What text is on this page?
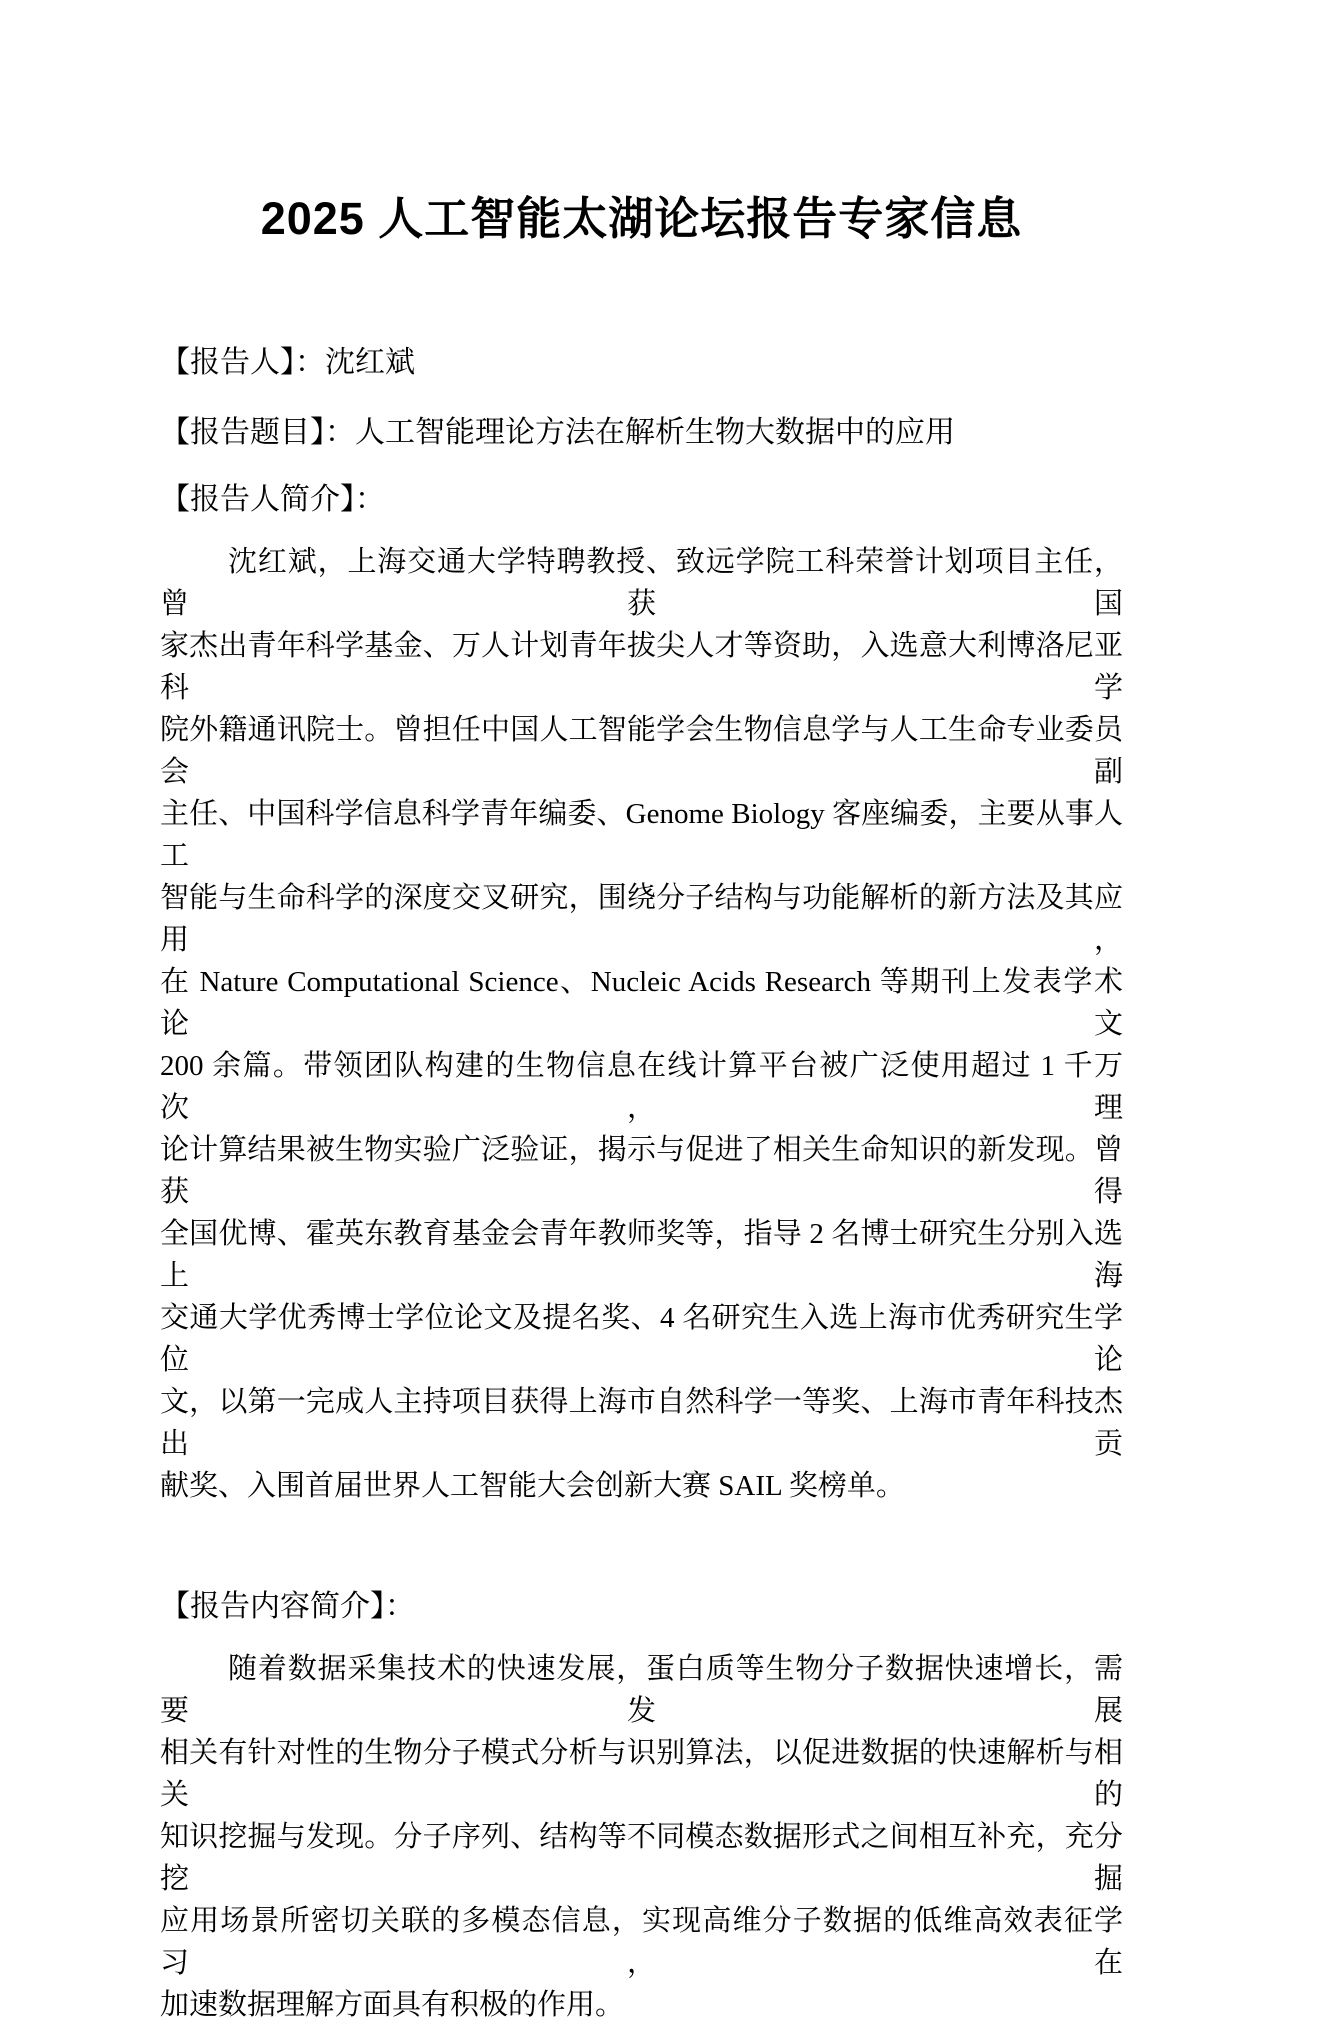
2025 人工智能太湖论坛报告专家信息
【报告人】：沈红斌
【报告题目】：人工智能理论方法在解析生物大数据中的应用
【报告人简介】：
沈红斌，上海交通大学特聘教授、致远学院工科荣誉计划项目主任，曾获国
家杰出青年科学基金、万人计划青年拔尖人才等资助，入选意大利博洛尼亚科学
院外籍通讯院士。曾担任中国人工智能学会生物信息学与人工生命专业委员会副
主任、中国科学信息科学青年编委、Genome Biology 客座编委，主要从事人工
智能与生命科学的深度交叉研究，围绕分子结构与功能解析的新方法及其应用，
在 Nature Computational Science、Nucleic Acids Research 等期刊上发表学术论文
200 余篇。带领团队构建的生物信息在线计算平台被广泛使用超过 1 千万次，理
论计算结果被生物实验广泛验证，揭示与促进了相关生命知识的新发现。曾获得
全国优博、霍英东教育基金会青年教师奖等，指导 2 名博士研究生分别入选上海
交通大学优秀博士学位论文及提名奖、4 名研究生入选上海市优秀研究生学位论
文，以第一完成人主持项目获得上海市自然科学一等奖、上海市青年科技杰出贡
献奖、入围首届世界人工智能大会创新大赛 SAIL 奖榜单。
【报告内容简介】：
随着数据采集技术的快速发展，蛋白质等生物分子数据快速增长，需要发展
相关有针对性的生物分子模式分析与识别算法，以促进数据的快速解析与相关的
知识挖掘与发现。分子序列、结构等不同模态数据形式之间相互补充，充分挖掘
应用场景所密切关联的多模态信息，实现高维分子数据的低维高效表征学习，在
加速数据理解方面具有积极的作用。
